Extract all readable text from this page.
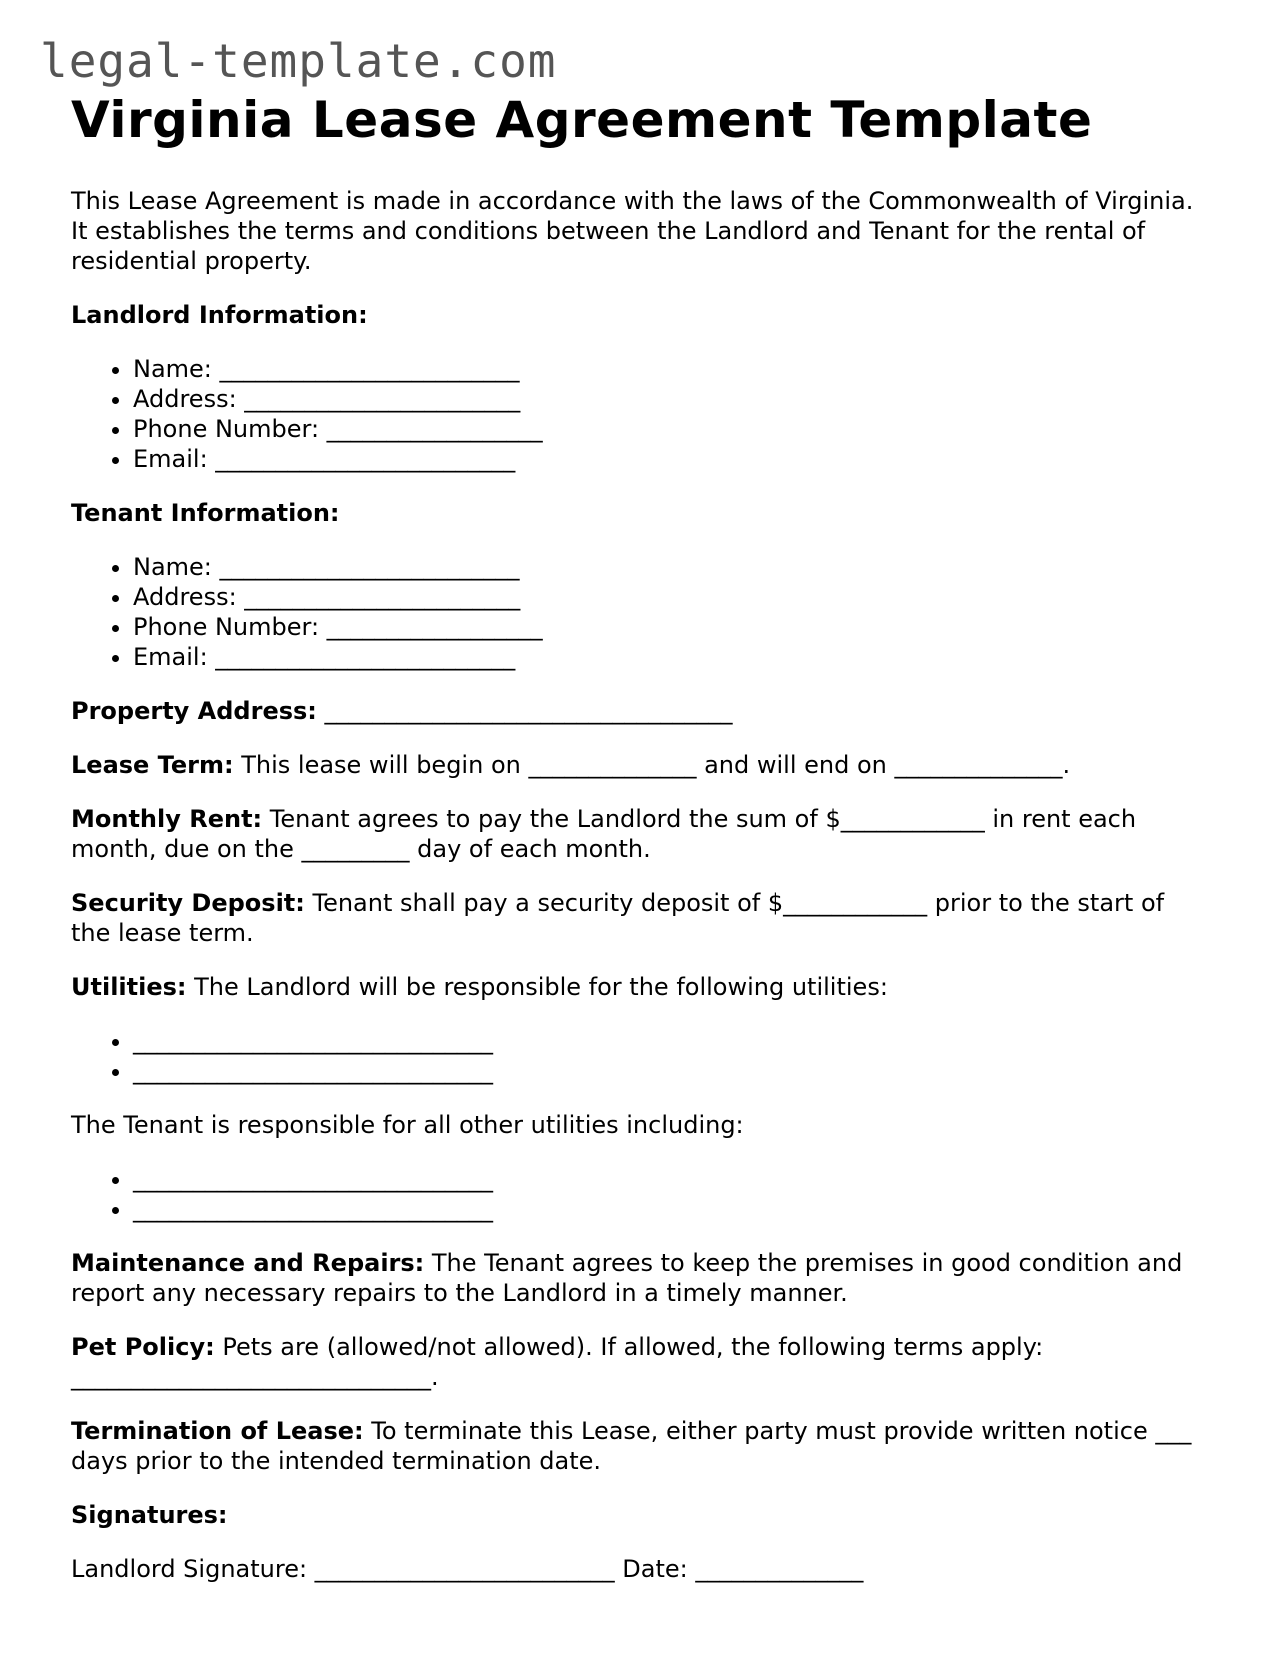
legal-template.com
Virginia Lease Agreement Template

This Lease Agreement is made in accordance with the laws of the Commonwealth of Virginia. It establishes the terms and conditions between the Landlord and Tenant for the rental of residential property.

Landlord Information:

• Name: _________________________
• Address: _______________________
• Phone Number: __________________
• Email: _________________________

Tenant Information:

• Name: _________________________
• Address: _______________________
• Phone Number: __________________
• Email: _________________________

Property Address: __________________________________

Lease Term: This lease will begin on ______________ and will end on ______________.

Monthly Rent: Tenant agrees to pay the Landlord the sum of $____________ in rent each month, due on the _________ day of each month.

Security Deposit: Tenant shall pay a security deposit of $____________ prior to the start of the lease term.

Utilities: The Landlord will be responsible for the following utilities:

• ______________________________
• ______________________________

The Tenant is responsible for all other utilities including:

• ______________________________
• ______________________________

Maintenance and Repairs: The Tenant agrees to keep the premises in good condition and report any necessary repairs to the Landlord in a timely manner.

Pet Policy: Pets are (allowed/not allowed). If allowed, the following terms apply: ______________________________.

Termination of Lease: To terminate this Lease, either party must provide written notice ___ days prior to the intended termination date.

Signatures:

Landlord Signature: _________________________ Date: ______________
